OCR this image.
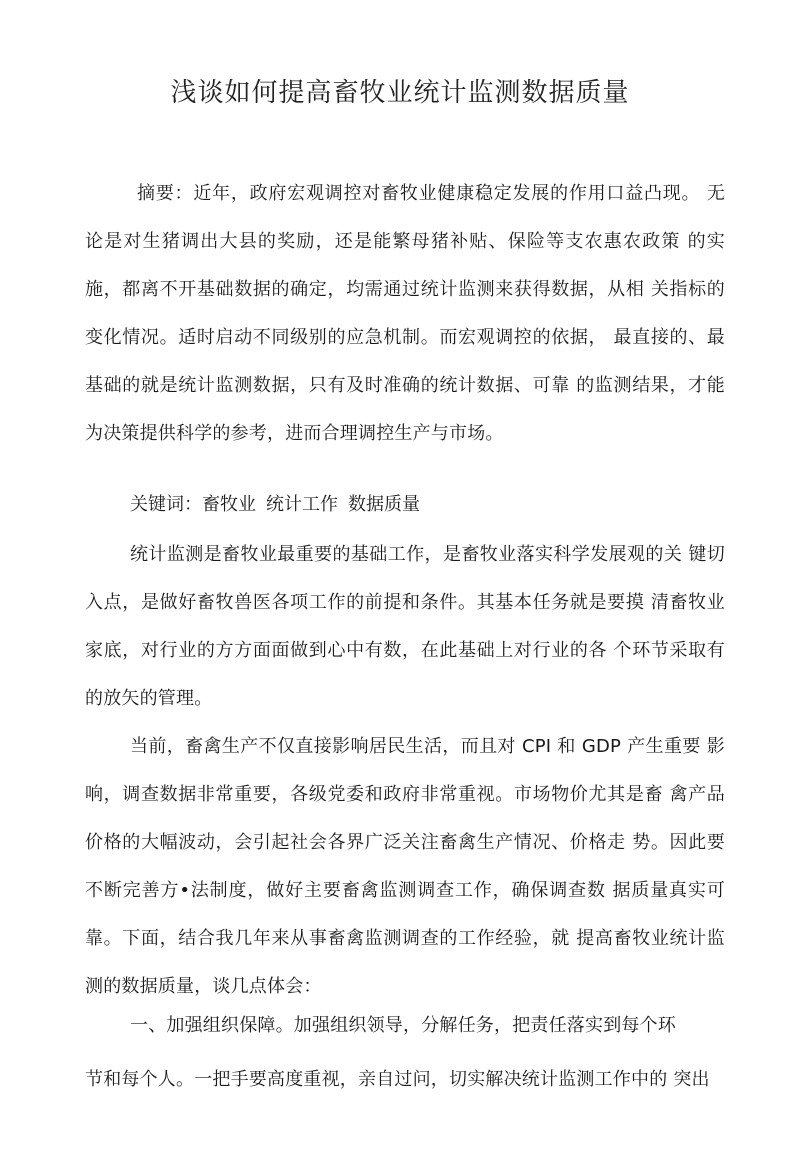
浅谈如何提高畜牧业统计监测数据质量

摘要：近年，政府宏观调控对畜牧业健康稳定发展的作用口益凸现。 无论是对生猪调出大县的奖励，还是能繁母猪补贴、保险等支农惠农政策 的实施，都离不开基础数据的确定，均需通过统计监测来获得数据，从相 关指标的变化情况。适时启动不同级别的应急机制。而宏观调控的依据， 最直接的、最基础的就是统计监测数据，只有及时准确的统计数据、可靠 的监测结果，才能为决策提供科学的参考，进而合理调控生产与市场。

关键词：畜牧业 统计工作 数据质量

统计监测是畜牧业最重要的基础工作，是畜牧业落实科学发展观的关 键切入点，是做好畜牧兽医各项工作的前提和条件。其基本任务就是要摸 清畜牧业家底，对行业的方方面面做到心中有数，在此基础上对行业的各 个环节采取有的放矢的管理。

当前，畜禽生产不仅直接影响居民生活，而且对 CPI 和 GDP 产生重要 影响，调查数据非常重要，各级党委和政府非常重视。市场物价尤其是畜 禽产品价格的大幅波动，会引起社会各界广泛关注畜禽生产情况、价格走 势。因此要不断完善方•法制度，做好主要畜禽监测调查工作，确保调查数 据质量真实可靠。下面，结合我几年来从事畜禽监测调查的工作经验，就 提高畜牧业统计监测的数据质量，谈几点体会：

一、加强组织保障。加强组织领导，分解任务，把责任落实到每个环

节和每个人。一把手要高度重视，亲自过问，切实解决统计监测工作中的 突出
